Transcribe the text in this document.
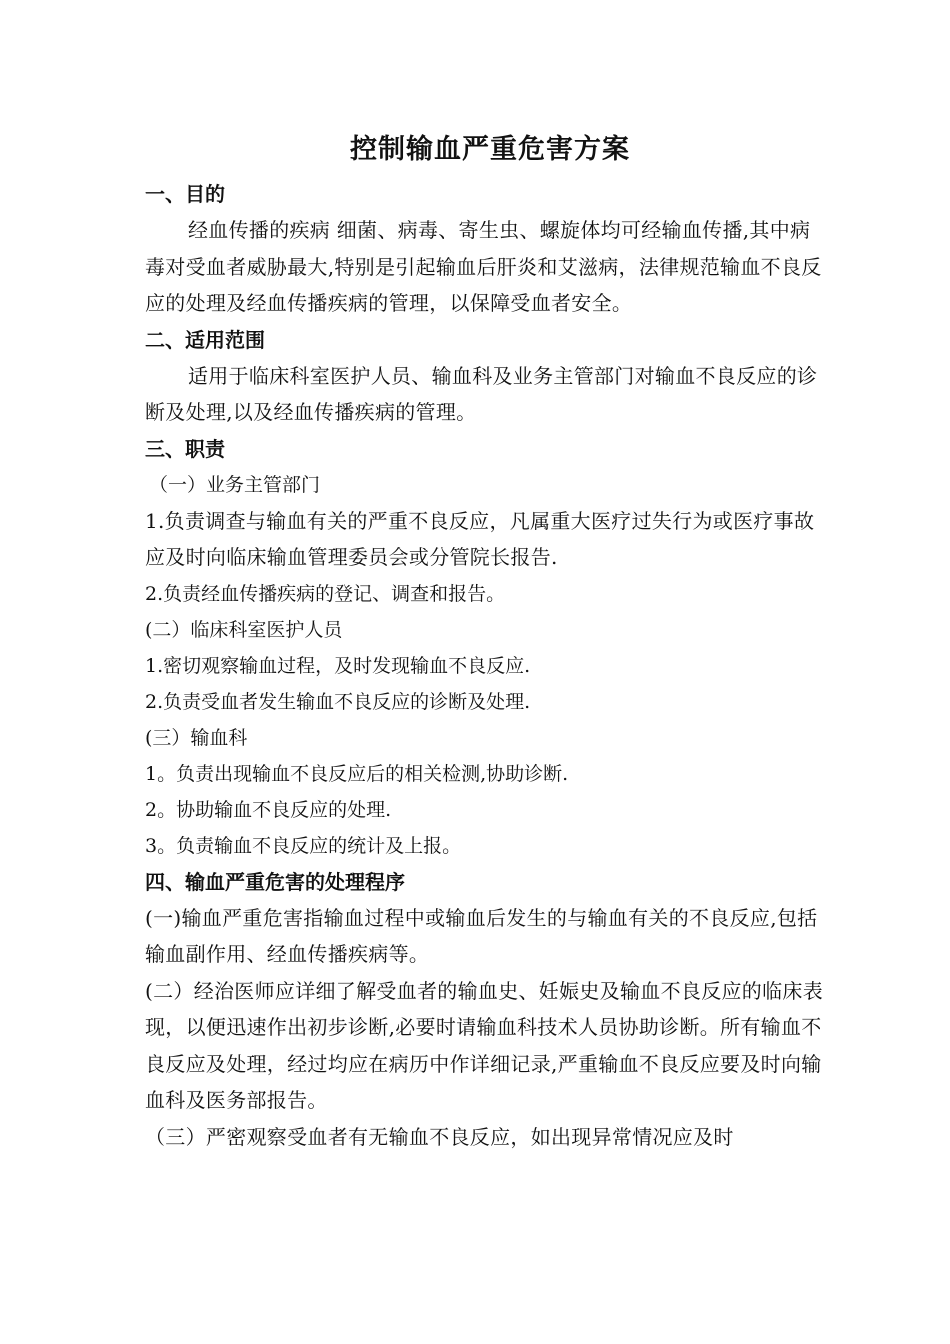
控制输血严重危害方案
一、目的

经血传播的疾病 细菌、病毒、寄生虫、螺旋体均可经输血传播,其中病毒对受血者威胁最大,特别是引起输血后肝炎和艾滋病，法律规范输血不良反应的处理及经血传播疾病的管理，以保障受血者安全。

二、适用范围

适用于临床科室医护人员、输血科及业务主管部门对输血不良反应的诊断及处理,以及经血传播疾病的管理。

三、职责
（一）业务主管部门

1.负责调查与输血有关的严重不良反应，凡属重大医疗过失行为或医疗事故应及时向临床输血管理委员会或分管院长报告.

2.负责经血传播疾病的登记、调查和报告。

(二）临床科室医护人员

1.密切观察输血过程，及时发现输血不良反应.

2.负责受血者发生输血不良反应的诊断及处理.

(三）输血科

1。负责出现输血不良反应后的相关检测,协助诊断.

2。协助输血不良反应的处理.

3。负责输血不良反应的统计及上报。

四、输血严重危害的处理程序

(一)输血严重危害指输血过程中或输血后发生的与输血有关的不良反应,包括输血副作用、经血传播疾病等。

(二）经治医师应详细了解受血者的输血史、妊娠史及输血不良反应的临床表现，以便迅速作出初步诊断,必要时请输血科技术人员协助诊断。所有输血不良反应及处理，经过均应在病历中作详细记录,严重输血不良反应要及时向输血科及医务部报告。

（三）严密观察受血者有无输血不良反应，如出现异常情况应及时
